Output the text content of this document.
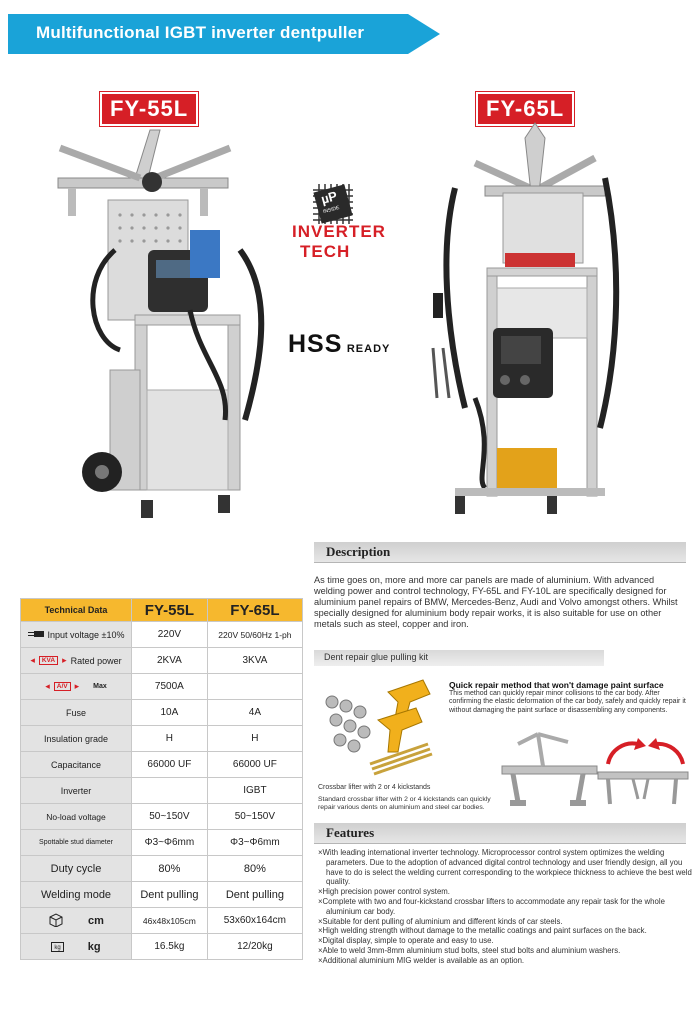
Multifunctional IGBT inverter dentpuller
FY-55L	FY-65L
µP
INSIDE
INVERTER
TECH
HSS READY
Description
As time goes on, more and more car panels are made of aluminium. With advanced welding power and control technology, FY-65L and FY-10L are specifically designed for aluminium panel repairs of BMW, Mercedes-Benz, Audi and Volvo amongst others. Whilst specially designed for aluminium body repair works, it is also suitable for use on other metals such as steel, copper and iron.
Dent repair glue pulling kit
Quick repair method that won't damage paint surface
This method can quickly repair minor collisions to the car body. After confirming the elastic deformation of the car body, safely and quickly repair it without damaging the paint surface or disassembling any components.
Crossbar lifter with 2 or 4 kickstands
Standard crossbar lifter with 2 or 4 kickstands can quickly repair various dents on aluminium and steel car bodies.
Features
×With leading international inverter technology. Microprocessor control system optimizes the welding parameters. Due to the adoption of advanced digital control technology and user friendly design, all you have to do is select the welding current corresponding to the workpiece thickness to achieve the best weld quality.
×High precision power control system.
×Complete with two and four-kickstand crossbar lifters to accommodate any repair task for the whole aluminium car body.
×Suitable for dent pulling of aluminium and different kinds of car steels.
×High welding strength without damage to the metallic coatings and paint surfaces on the back.
×Digital display, simple to operate and easy to use.
×Able to weld 3mm-8mm aluminium stud bolts, steel stud bolts and aluminium washers.
×Additional aluminium MIG welder is available as an option.
Technical Data	FY-55L	FY-65L

Input voltage ±10%	220V	220V 50/60Hz 1-ph

◂ KVA ▸ Rated power	2KVA	3KVA

◂ A/V ▸ Max	7500A	
Fuse	10A	4A
Insulation grade	H	H
Capacitance	66000 UF	66000 UF
Inverter		IGBT
No-load voltage	50~150V	50~150V
Spottable stud diameter	Φ3~Φ6mm	Φ3~Φ6mm
Duty cycle	80%	80%
Welding mode	Dent pulling	Dent pulling

cm	46x48x105cm	53x60x164cm

kg kg	16.5kg	12/20kg
